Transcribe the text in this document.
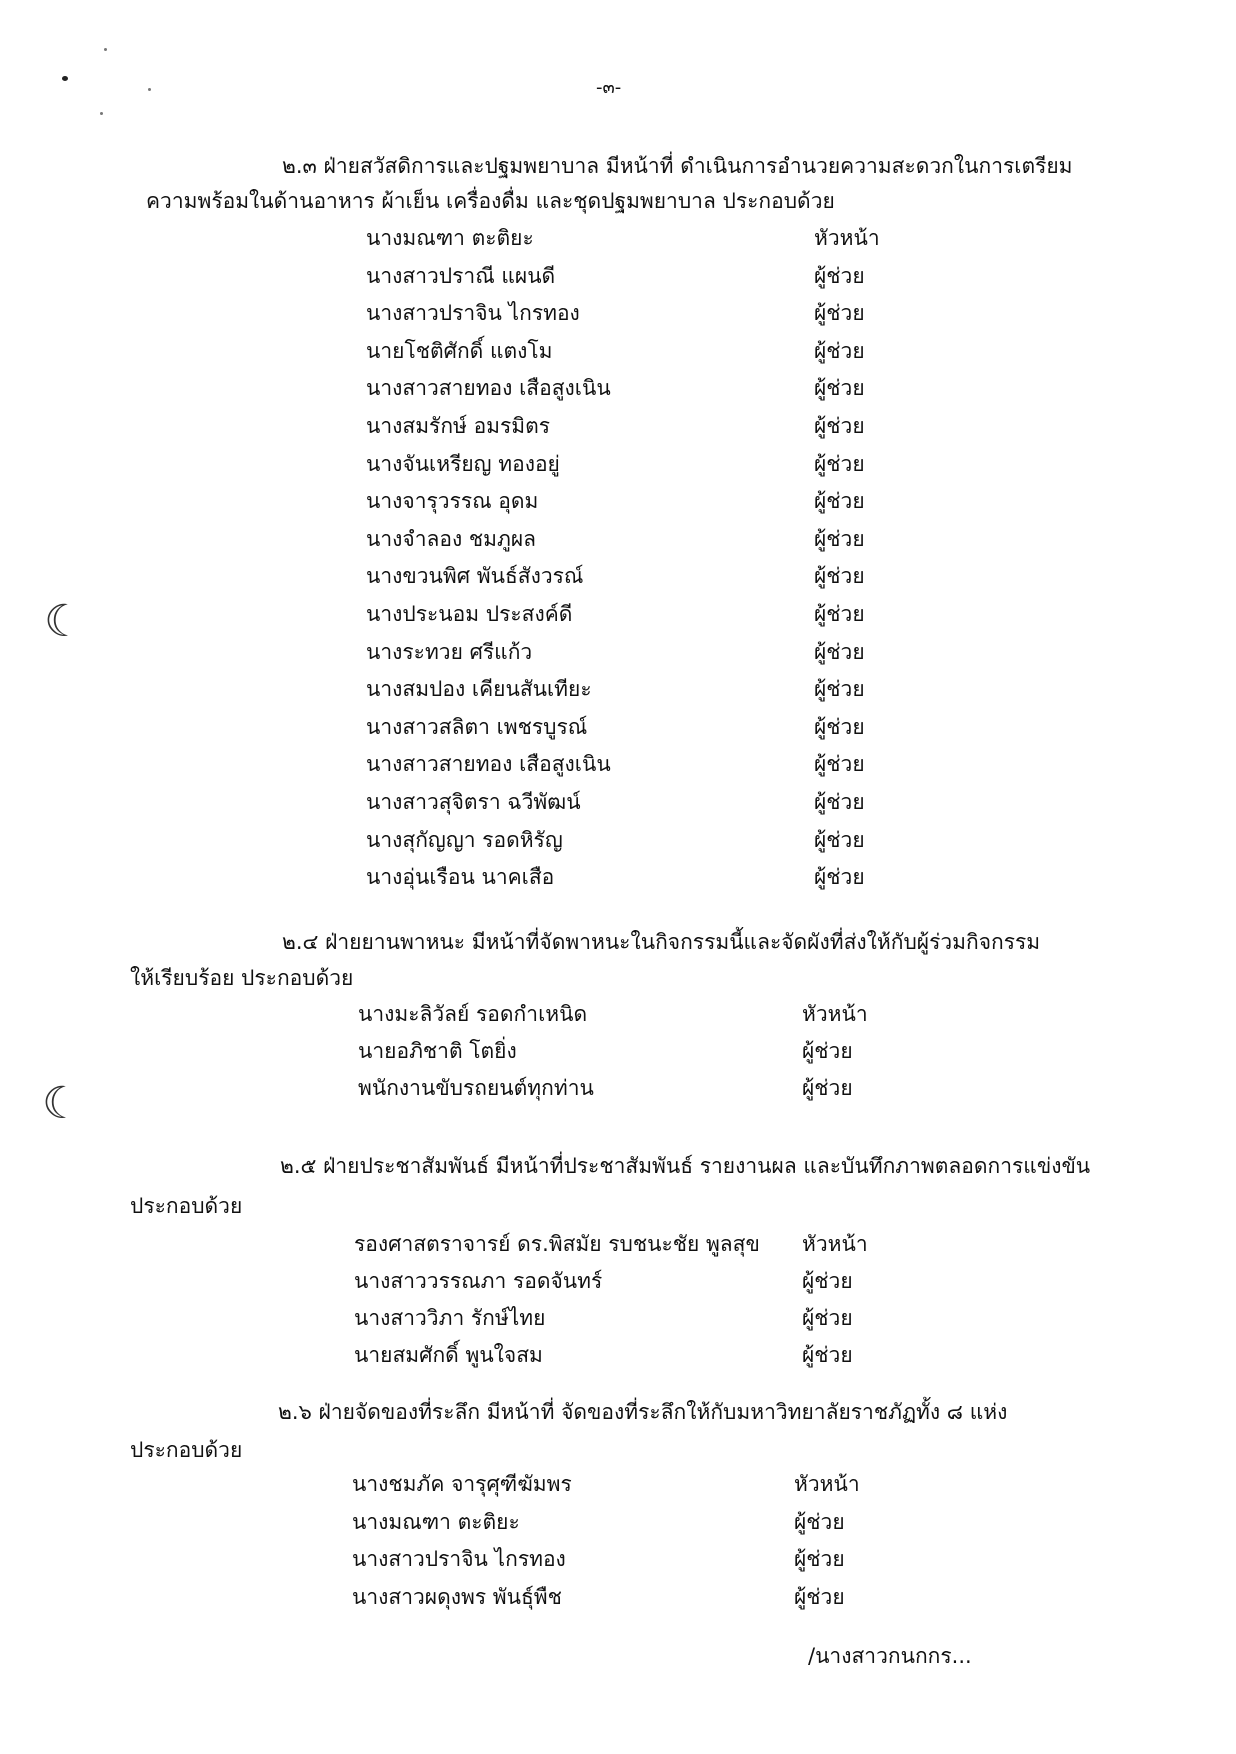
☾
☾
-๓-
๒.๓ ฝ่ายสวัสดิการและปฐมพยาบาล มีหน้าที่ ดำเนินการอำนวยความสะดวกในการเตรียม
ความพร้อมในด้านอาหาร ผ้าเย็น เครื่องดื่ม และชุดปฐมพยาบาล ประกอบด้วย
นางมณฑา ตะติยะ	หัวหน้า
นางสาวปราณี แผนดี	ผู้ช่วย
นางสาวปราจิน ไกรทอง	ผู้ช่วย
นายโชติศักดิ์ แตงโม	ผู้ช่วย
นางสาวสายทอง เสือสูงเนิน	ผู้ช่วย
นางสมรักษ์ อมรมิตร	ผู้ช่วย
นางจันเหรียญ ทองอยู่	ผู้ช่วย
นางจารุวรรณ อุดม	ผู้ช่วย
นางจำลอง ชมภูผล	ผู้ช่วย
นางขวนพิศ พันธ์สังวรณ์	ผู้ช่วย
นางประนอม ประสงค์ดี	ผู้ช่วย
นางระทวย ศรีแก้ว	ผู้ช่วย
นางสมปอง เคียนสันเทียะ	ผู้ช่วย
นางสาวสลิตา เพชรบูรณ์	ผู้ช่วย
นางสาวสายทอง เสือสูงเนิน	ผู้ช่วย
นางสาวสุจิตรา ฉวีพัฒน์	ผู้ช่วย
นางสุกัญญา รอดหิรัญ	ผู้ช่วย
นางอุ่นเรือน นาคเสือ	ผู้ช่วย
๒.๔ ฝ่ายยานพาหนะ มีหน้าที่จัดพาหนะในกิจกรรมนี้และจัดผังที่ส่งให้กับผู้ร่วมกิจกรรม
ให้เรียบร้อย ประกอบด้วย
นางมะลิวัลย์ รอดกำเหนิด	หัวหน้า
นายอภิชาติ โตยิ่ง	ผู้ช่วย
พนักงานขับรถยนต์ทุกท่าน	ผู้ช่วย
๒.๕ ฝ่ายประชาสัมพันธ์ มีหน้าที่ประชาสัมพันธ์ รายงานผล และบันทึกภาพตลอดการแข่งขัน
ประกอบด้วย
รองศาสตราจารย์ ดร.พิสมัย รบชนะชัย พูลสุข หัวหน้า
นางสาววรรณภา รอดจันทร์	ผู้ช่วย
นางสาววิภา รักษ์ไทย	ผู้ช่วย
นายสมศักดิ์ พูนใจสม	ผู้ช่วย
๒.๖ ฝ่ายจัดของที่ระลึก มีหน้าที่ จัดของที่ระลึกให้กับมหาวิทยาลัยราชภัฏทั้ง ๘ แห่ง
ประกอบด้วย
นางชมภัค จารุศุฑีฆัมพร	หัวหน้า
นางมณฑา ตะติยะ	ผู้ช่วย
นางสาวปราจิน ไกรทอง	ผู้ช่วย
นางสาวผดุงพร พันธุ์พืช	ผู้ช่วย
/นางสาวกนกกร...
